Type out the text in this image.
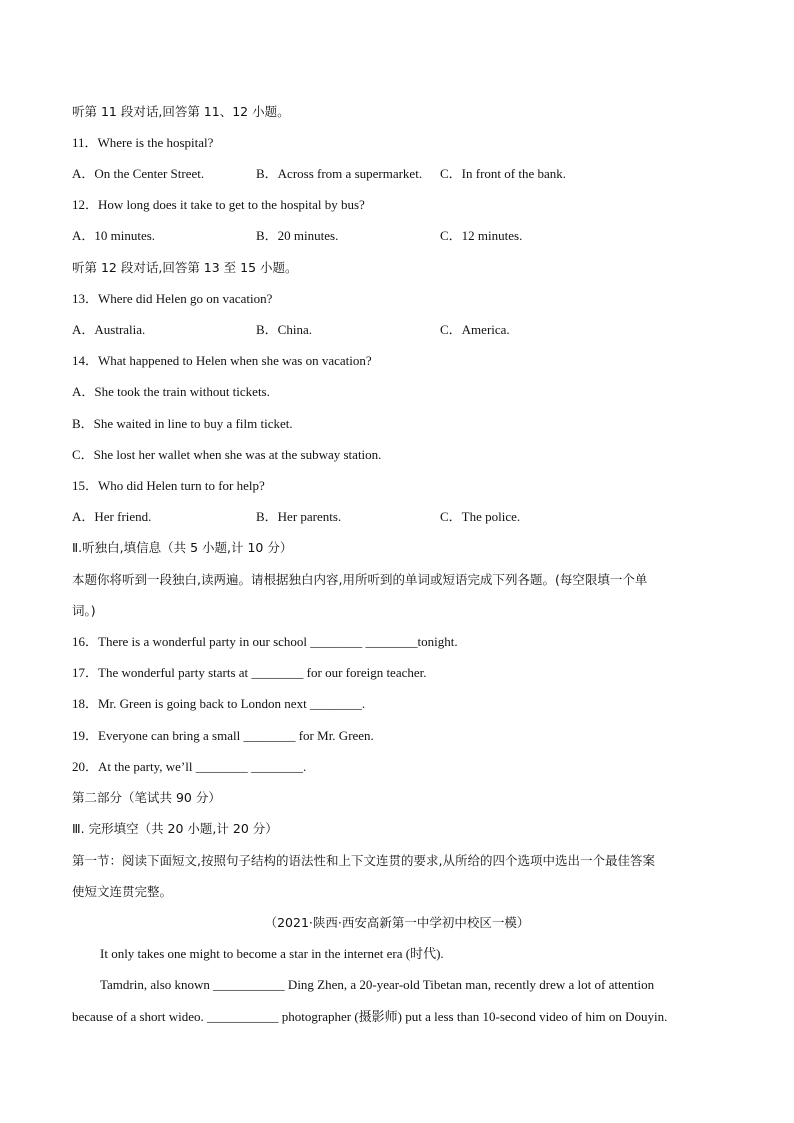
听第 11 段对话,回答第 11、12 小题。
11．Where is the hospital?
A．On the Center Street.	B．Across from a supermarket. C．In front of the bank.
12．How long does it take to get to the hospital by bus?
A．10 minutes.	B．20 minutes.	C．12 minutes.
听第 12 段对话,回答第 13 至 15 小题。
13．Where did Helen go on vacation?
A．Australia.	B．China.	C．America.
14．What happened to Helen when she was on vacation?
A．She took the train without tickets.
B．She waited in line to buy a film ticket.
C．She lost her wallet when she was at the subway station.
15．Who did Helen turn to for help?
A．Her friend.	B．Her parents.	C．The police.
Ⅱ.听独白,填信息（共 5 小题,计 10 分）
本题你将听到一段独白,读两遍。请根据独白内容,用所听到的单词或短语完成下列各题。(每空限填一个单
词。)
16．There is a wonderful party in our school ________ ________tonight.
17．The wonderful party starts at ________ for our foreign teacher.
18．Mr. Green is going back to London next ________.
19．Everyone can bring a small ________ for Mr. Green.
20．At the party, we’ll ________ ________.
第二部分（笔试共 90 分）
Ⅲ. 完形填空（共 20 小题,计 20 分）
第一节：阅读下面短文,按照句子结构的语法性和上下文连贯的要求,从所给的四个选项中选出一个最佳答案
使短文连贯完整。
（2021·陕西·西安高新第一中学初中校区一模）
It only takes one might to become a star in the internet era (时代).
Tamdrin, also known ___________ Ding Zhen, a 20-year-old Tibetan man, recently drew a lot of attention
because of a short wideo. ___________ photographer (摄影师) put a less than 10-second video of him on Douyin.
